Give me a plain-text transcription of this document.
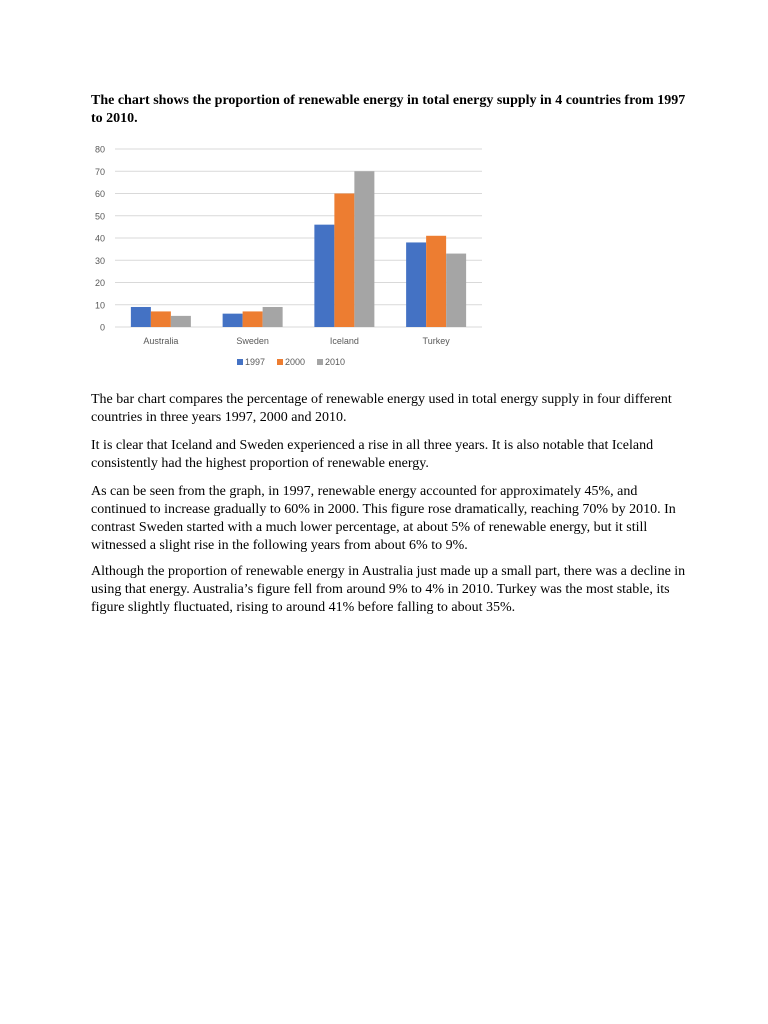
The chart shows the proportion of renewable energy in total energy supply in 4 countries from 1997 to 2010.
0
10
20
30
40
50
60
70
80
Australia	Sweden	Iceland	Turkey
1997 2000 2010

The bar chart compares the percentage of renewable energy used in total energy supply in four different countries in three years 1997, 2000 and 2010.

It is clear that Iceland and Sweden experienced a rise in all three years. It is also notable that Iceland consistently had the highest proportion of renewable energy.

As can be seen from the graph, in 1997, renewable energy accounted for approximately 45%, and continued to increase gradually to 60% in 2000. This figure rose dramatically, reaching 70% by 2010. In contrast Sweden started with a much lower percentage, at about 5% of renewable energy, but it still witnessed a slight rise in the following years from about 6% to 9%.

Although the proportion of renewable energy in Australia just made up a small part, there was a decline in using that energy. Australia’s figure fell from around 9% to 4% in 2010. Turkey was the most stable, its figure slightly fluctuated, rising to around 41% before falling to about 35%.
